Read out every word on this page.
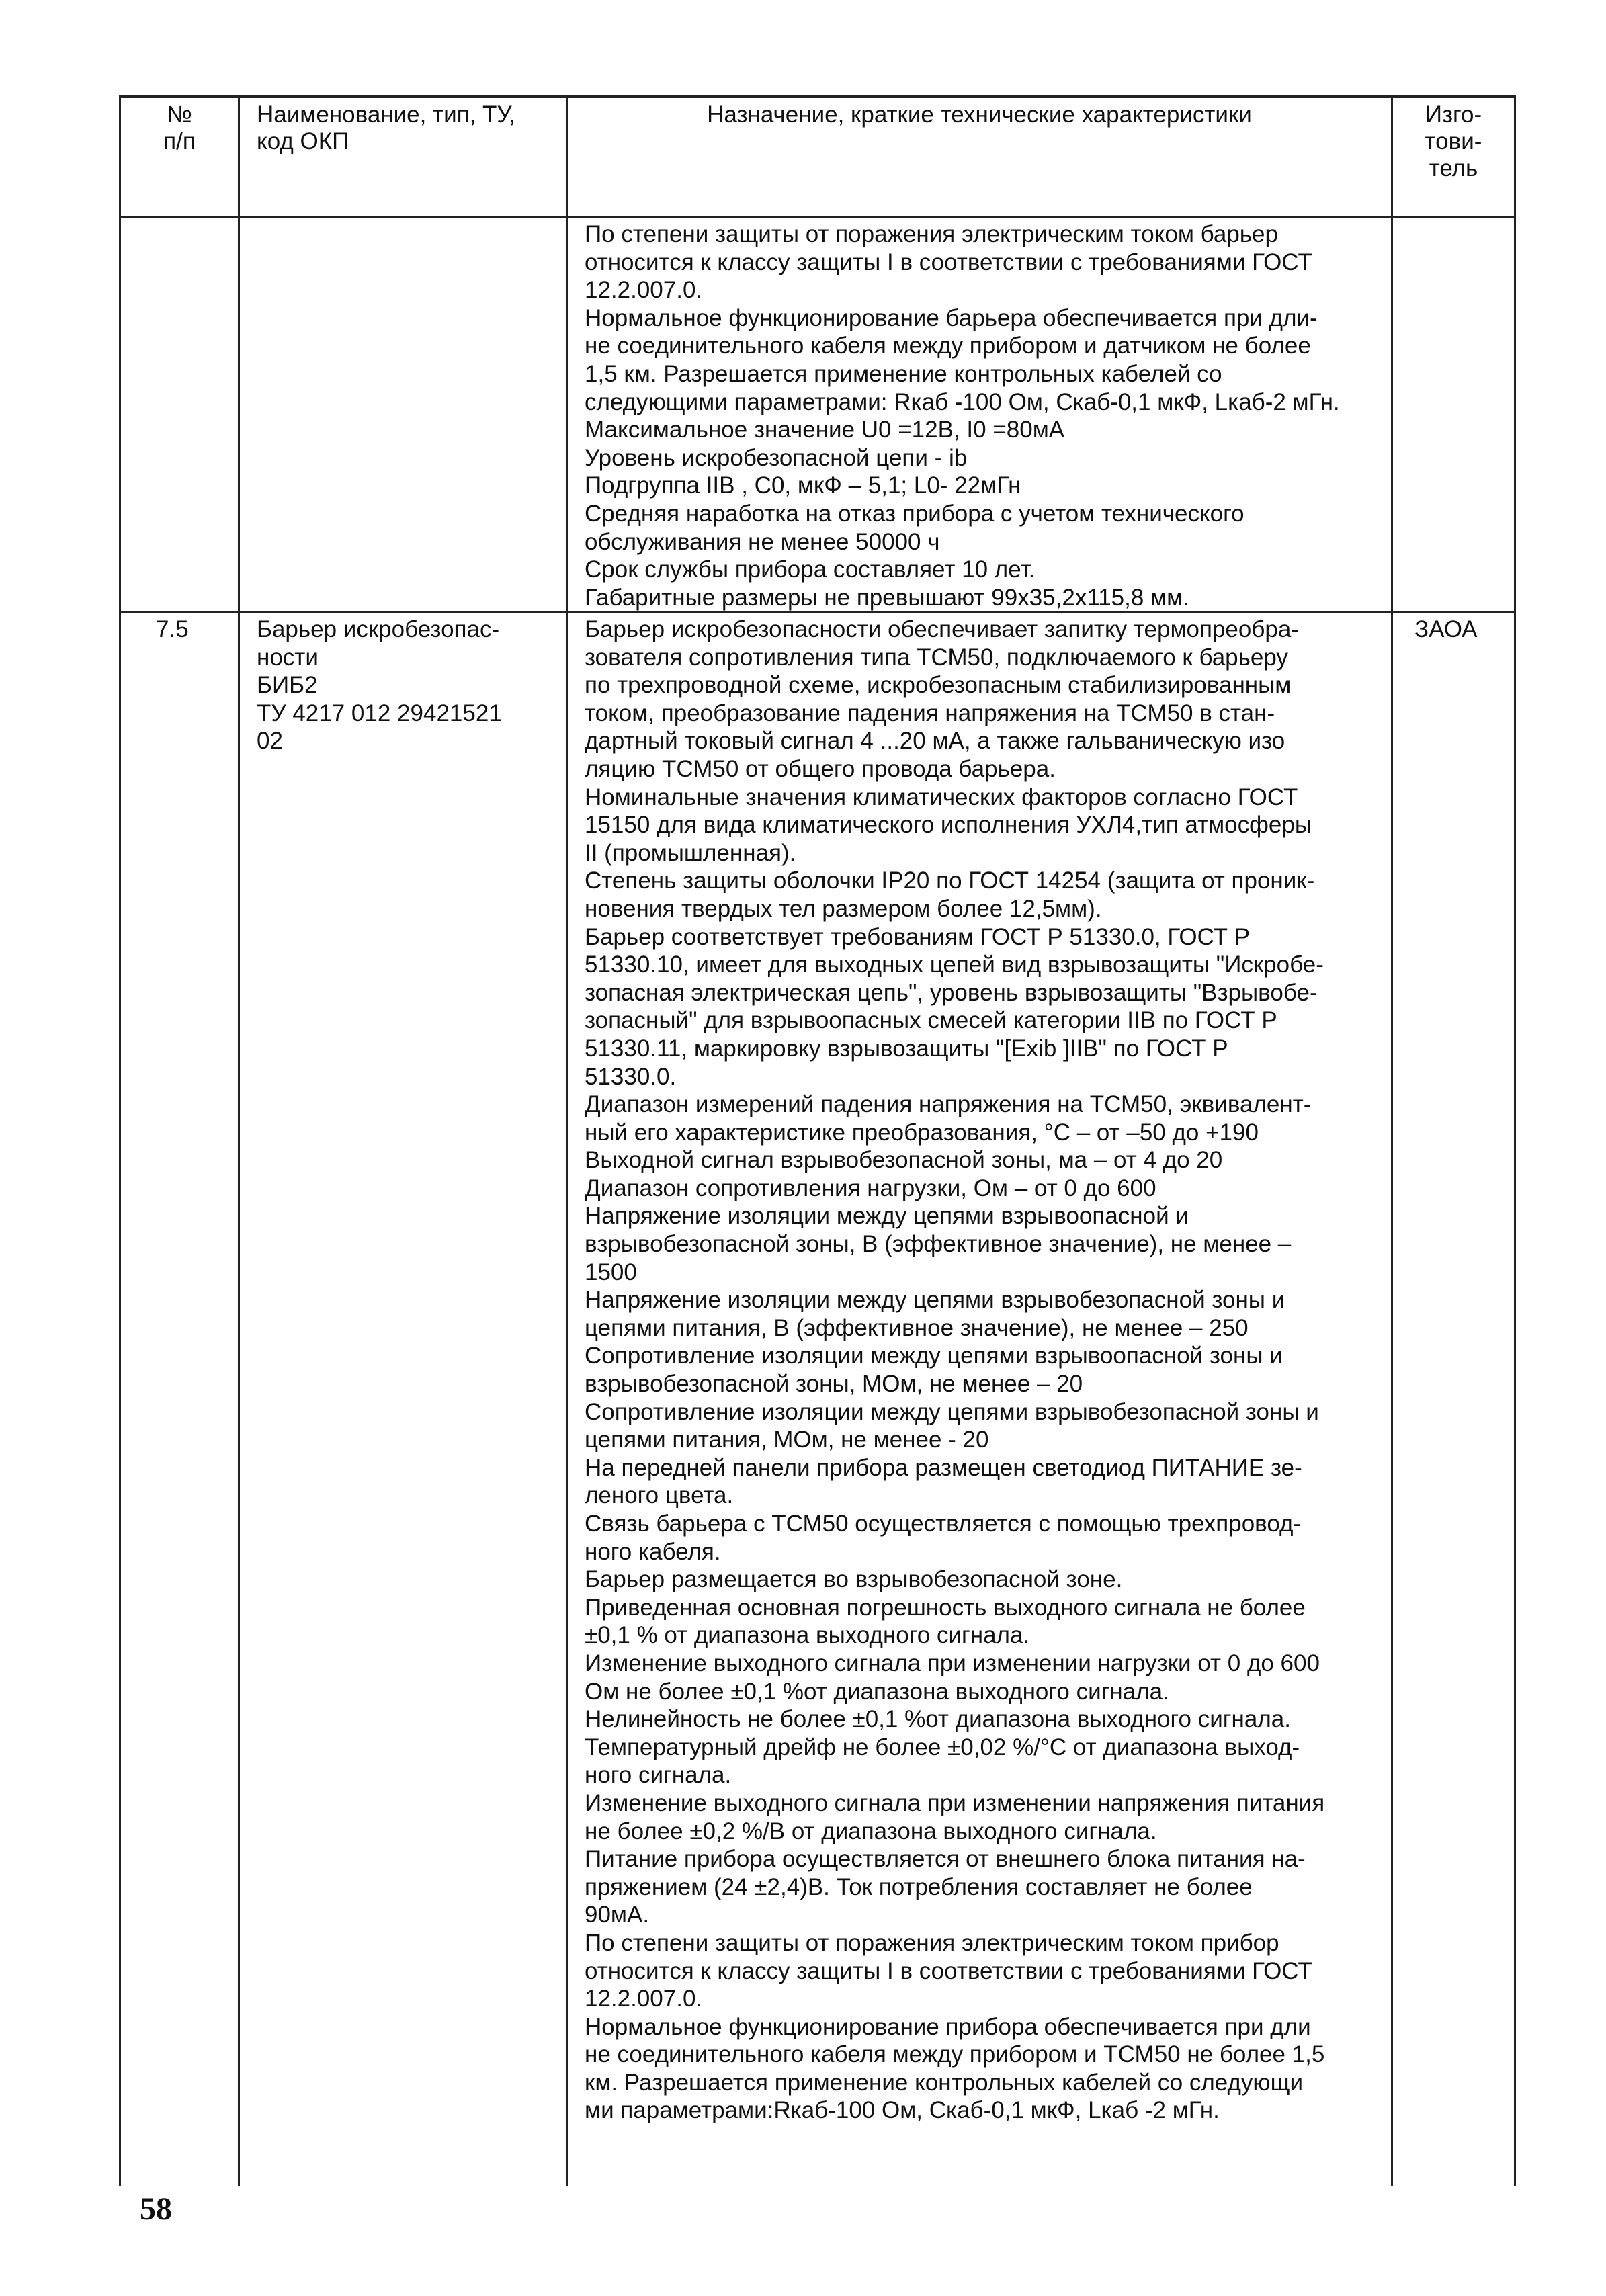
№
п/п
Наименование, тип, ТУ,
код ОКП
Назначение, краткие технические характеристики	Изго-
тови-
тель
По степени защиты от поражения электрическим током барьер
относится к классу защиты I в соответствии с требованиями ГОСТ
12.2.007.0.
Нормальное функционирование барьера обеспечивается при дли-
не соединительного кабеля между прибором и датчиком не более
1,5 км. Разрешается применение контрольных кабелей со
следующими параметрами: Rкаб -100 Ом, Скаб-0,1 мкФ, Lкаб-2 мГн.
Максимальное значение U0 =12В, I0 =80мА
Уровень искробезопасной цепи - ib
Подгруппа IIB , C0, мкФ – 5,1; L0- 22мГн
Средняя наработка на отказ прибора с учетом технического
обслуживания не менее 50000 ч
Срок службы прибора составляет 10 лет.
Габаритные размеры не превышают 99х35,2х115,8 мм.
7.5	Барьер искробезопас-
ности
БИБ2
ТУ 4217 012 29421521
02
Барьер искробезопасности обеспечивает запитку термопреобра-
зователя сопротивления типа ТСМ50, подключаемого к барьеру
по трехпроводной схеме, искробезопасным стабилизированным
током, преобразование падения напряжения на ТСМ50 в стан-
дартный токовый сигнал 4 ...20 мА, а также гальваническую изо
ляцию ТСМ50 от общего провода барьера.
Номинальные значения климатических факторов согласно ГОСТ
15150 для вида климатического исполнения УХЛ4,тип атмосферы
II (промышленная).
Степень защиты оболочки IP20 по ГОСТ 14254 (защита от проник-
новения твердых тел размером более 12,5мм).
Барьер соответствует требованиям ГОСТ Р 51330.0, ГОСТ Р
51330.10, имеет для выходных цепей вид взрывозащиты "Искробе-
зопасная электрическая цепь", уровень взрывозащиты "Взрывобе-
зопасный" для взрывоопасных смесей категории IIB по ГОСТ Р
51330.11, маркировку взрывозащиты "[Exib ]IIB" по ГОСТ Р
51330.0.
Диапазон измерений падения напряжения на ТСМ50, эквивалент-
ный его характеристике преобразования, °С – от –50 до +190
Выходной сигнал взрывобезопасной зоны, ма – от 4 до 20
Диапазон сопротивления нагрузки, Ом – от 0 до 600
Напряжение изоляции между цепями взрывоопасной и
взрывобезопасной зоны, В (эффективное значение), не менее –
1500
Напряжение изоляции между цепями взрывобезопасной зоны и
цепями питания, В (эффективное значение), не менее – 250
Сопротивление изоляции между цепями взрывоопасной зоны и
взрывобезопасной зоны, МОм, не менее – 20
Сопротивление изоляции между цепями взрывобезопасной зоны и
цепями питания, МОм, не менее - 20
На передней панели прибора размещен светодиод ПИТАНИЕ зе-
леного цвета.
Связь барьера с ТСМ50 осуществляется с помощью трехпровод-
ного кабеля.
Барьер размещается во взрывобезопасной зоне.
Приведенная основная погрешность выходного сигнала не более
±0,1 % от диапазона выходного сигнала.
Изменение выходного сигнала при изменении нагрузки от 0 до 600
Ом не более ±0,1 %от диапазона выходного сигнала.
Нелинейность не более ±0,1 %от диапазона выходного сигнала.
Температурный дрейф не более ±0,02 %/°С от диапазона выход-
ного сигнала.
Изменение выходного сигнала при изменении напряжения питания
не более ±0,2 %/В от диапазона выходного сигнала.
Питание прибора осуществляется от внешнего блока питания на-
пряжением (24 ±2,4)В. Ток потребления составляет не более
90мА.
По степени защиты от поражения электрическим током прибор
относится к классу защиты I в соответствии с требованиями ГОСТ
12.2.007.0.
Нормальное функционирование прибора обеспечивается при дли
не соединительного кабеля между прибором и ТСМ50 не более 1,5
км. Разрешается применение контрольных кабелей со следующи
ми параметрами:Rкаб-100 Ом, Скаб-0,1 мкФ, Lкаб -2 мГн.
ЗАОА
58
